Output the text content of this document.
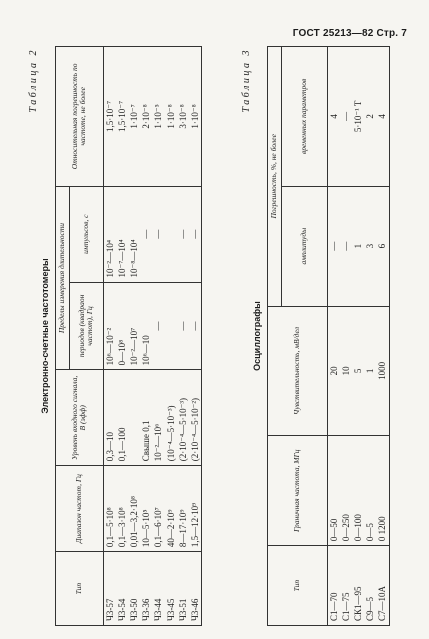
ГОСТ 25213—82 Стр. 7
Таблица 2
Электронно-счетные частотомеры
Тип	Диапазон частот, Гц	Уровень входного сигнала, В (эфф)	Пределы измерения длительности		Относительная погрешность по частоте, не более
			периодов (квадраон частот), Гц	импульсов, с	
Ч3-57	0,1—5·10⁸	0,3—10	10⁶—10⁻²	10⁻²—10⁴	1,5·10⁻⁷
Ч3-54	0,1—3·10⁸	0,1—100	0—10⁸	10⁻⁷—10⁴	1,5·10⁻⁷
Ч3-50	0,01—3,2·10⁸		10⁻²—10⁷	10⁻⁸—10⁴	1·10⁻⁷
Ч3-36	10—5·10⁵	Свыше 0,1	10⁶—10	—	2·10⁻⁸
Ч3-44	0,1—6·10⁷	10⁻²—10⁶	—	—	1·10⁻⁵
Ч3-45	40—2·10⁹	(10⁻⁴—5·10⁻³)			1·10⁻⁸
Ч3-51	8—17·10⁹	(2·10⁻⁴—5·10⁻³)	—	—	3·10⁻⁸
Ч3-46	1,5—12·10⁹	(2·10⁻⁴—5·10⁻²)	—	—	1·10⁻⁸
Таблица 3
Осциллографы
Тип	Граничная частота, МГц	Чувствительность, мВ/дел	Погрешность, %, не более	
			амплитуды	временных параметров
С1—70	0—50	20	—	4
С1—75	0—250	10	—	—
СК1—95	0—100	5	1	5·10⁻¹ T
С9—5	0—5	1	3	2
С7—10А	0 1200	1000	6	4
